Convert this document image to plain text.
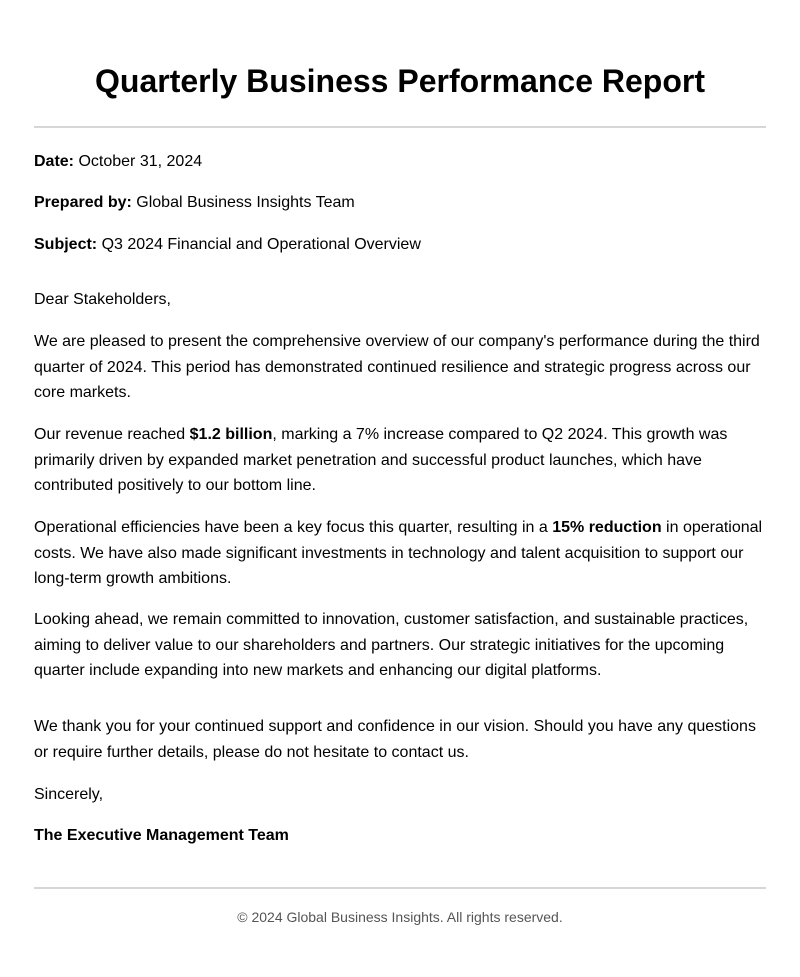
Quarterly Business Performance Report
Date: October 31, 2024
Prepared by: Global Business Insights Team
Subject: Q3 2024 Financial and Operational Overview
Dear Stakeholders,

We are pleased to present the comprehensive overview of our company's performance during the third quarter of 2024. This period has demonstrated continued resilience and strategic progress across our core markets.

Our revenue reached $1.2 billion, marking a 7% increase compared to Q2 2024. This growth was primarily driven by expanded market penetration and successful product launches, which have contributed positively to our bottom line.

Operational efficiencies have been a key focus this quarter, resulting in a 15% reduction in operational costs. We have also made significant investments in technology and talent acquisition to support our long-term growth ambitions.

Looking ahead, we remain committed to innovation, customer satisfaction, and sustainable practices, aiming to deliver value to our shareholders and partners. Our strategic initiatives for the upcoming quarter include expanding into new markets and enhancing our digital platforms.

We thank you for your continued support and confidence in our vision. Should you have any questions or require further details, please do not hesitate to contact us.

Sincerely,
The Executive Management Team
© 2024 Global Business Insights. All rights reserved.
